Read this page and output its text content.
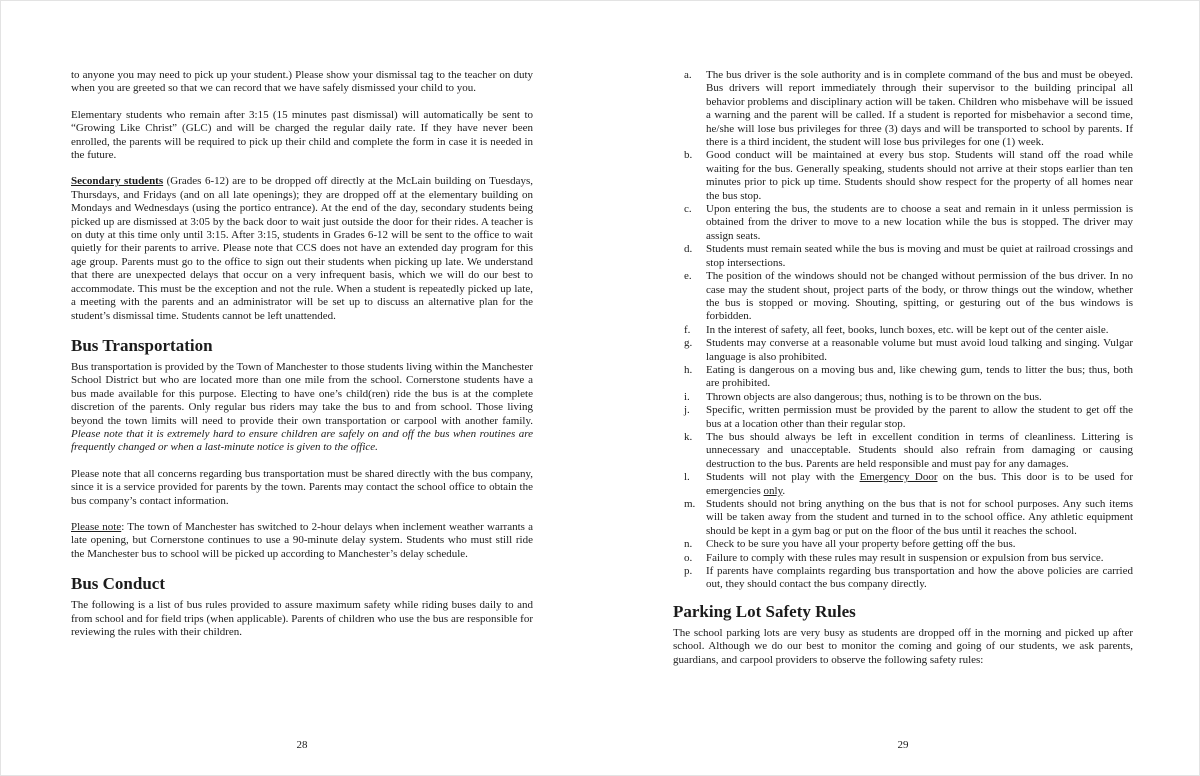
to anyone you may need to pick up your student.) Please show your dismissal tag to the teacher on duty when you are greeted so that we can record that we have safely dismissed your child to you.

Elementary students who remain after 3:15 (15 minutes past dismissal) will automatically be sent to “Growing Like Christ” (GLC) and will be charged the regular daily rate. If they have never been enrolled, the parents will be required to pick up their child and complete the form in case it is needed in the future.

Secondary students (Grades 6-12) are to be dropped off directly at the McLain building on Tuesdays, Thursdays, and Fridays (and on all late openings); they are dropped off at the elementary building on Mondays and Wednesdays (using the portico entrance). At the end of the day, secondary students being picked up are dismissed at 3:05 by the back door to wait just outside the door for their rides. A teacher is on duty at this time only until 3:15. After 3:15, students in Grades 6-12 will be sent to the office to wait quietly for their parents to arrive. Please note that CCS does not have an extended day program for this age group. Parents must go to the office to sign out their students when picking up late. We understand that there are unexpected delays that occur on a very infrequent basis, which we will do our best to accommodate. This must be the exception and not the rule. When a student is repeatedly picked up late, a meeting with the parents and an administrator will be set up to discuss an alternative plan for the student’s dismissal time. Students cannot be left unattended.

Bus Transportation

Bus transportation is provided by the Town of Manchester to those students living within the Manchester School District but who are located more than one mile from the school. Cornerstone students have a bus made available for this purpose. Electing to have one’s child(ren) ride the bus is at the complete discretion of the parents. Only regular bus riders may take the bus to and from school. Those living beyond the town limits will need to provide their own transportation or carpool with another family. Please note that it is extremely hard to ensure children are safely on and off the bus when routines are frequently changed or when a last-minute notice is given to the office.

Please note that all concerns regarding bus transportation must be shared directly with the bus company, since it is a service provided for parents by the town. Parents may contact the school office to obtain the bus company’s contact information.

Please note: The town of Manchester has switched to 2-hour delays when inclement weather warrants a late opening, but Cornerstone continues to use a 90-minute delay system. Students who must still ride the Manchester bus to school will be picked up according to Manchester’s delay schedule.

Bus Conduct

The following is a list of bus rules provided to assure maximum safety while riding buses daily to and from school and for field trips (when applicable). Parents of children who use the bus are responsible for reviewing the rules with their children.

a.	The bus driver is the sole authority and is in complete command of the bus and must be obeyed. Bus drivers will report immediately through their supervisor to the building principal all behavior problems and disciplinary action will be taken. Children who misbehave will be issued a warning and the parent will be called. If a student is reported for misbehavior a second time, he/she will lose bus privileges for three (3) days and will be transported to school by parents. If there is a third incident, the student will lose bus privileges for one (1) week.
b.	Good conduct will be maintained at every bus stop. Students will stand off the road while waiting for the bus. Generally speaking, students should not arrive at their stops earlier than ten minutes prior to pick up time. Students should show respect for the property of all homes near the bus stop.
c.	Upon entering the bus, the students are to choose a seat and remain in it unless permission is obtained from the driver to move to a new location while the bus is stopped. The driver may assign seats.
d.	Students must remain seated while the bus is moving and must be quiet at railroad crossings and stop intersections.
e.	The position of the windows should not be changed without permission of the bus driver. In no case may the student shout, project parts of the body, or throw things out the window, whether the bus is stopped or moving. Shouting, spitting, or gesturing out of the bus windows is forbidden.
f.	In the interest of safety, all feet, books, lunch boxes, etc. will be kept out of the center aisle.
g.	Students may converse at a reasonable volume but must avoid loud talking and singing. Vulgar language is also prohibited.
h.	Eating is dangerous on a moving bus and, like chewing gum, tends to litter the bus; thus, both are prohibited.
i.	Thrown objects are also dangerous; thus, nothing is to be thrown on the bus.
j.	Specific, written permission must be provided by the parent to allow the student to get off the bus at a location other than their regular stop.
k.	The bus should always be left in excellent condition in terms of cleanliness. Littering is unnecessary and unacceptable. Students should also refrain from damaging or causing destruction to the bus. Parents are held responsible and must pay for any damages.
l.	Students will not play with the Emergency Door on the bus. This door is to be used for emergencies only.
m. Students should not bring anything on the bus that is not for school purposes. Any such items will be taken away from the student and turned in to the school office. Any athletic equipment should be kept in a gym bag or put on the floor of the bus until it reaches the school.
n.	Check to be sure you have all your property before getting off the bus.
o.	Failure to comply with these rules may result in suspension or expulsion from bus service.
p.	If parents have complaints regarding bus transportation and how the above policies are carried out, they should contact the bus company directly.
Parking Lot Safety Rules

The school parking lots are very busy as students are dropped off in the morning and picked up after school. Although we do our best to monitor the coming and going of our students, we ask parents, guardians, and carpool providers to observe the following safety rules:

28	29
